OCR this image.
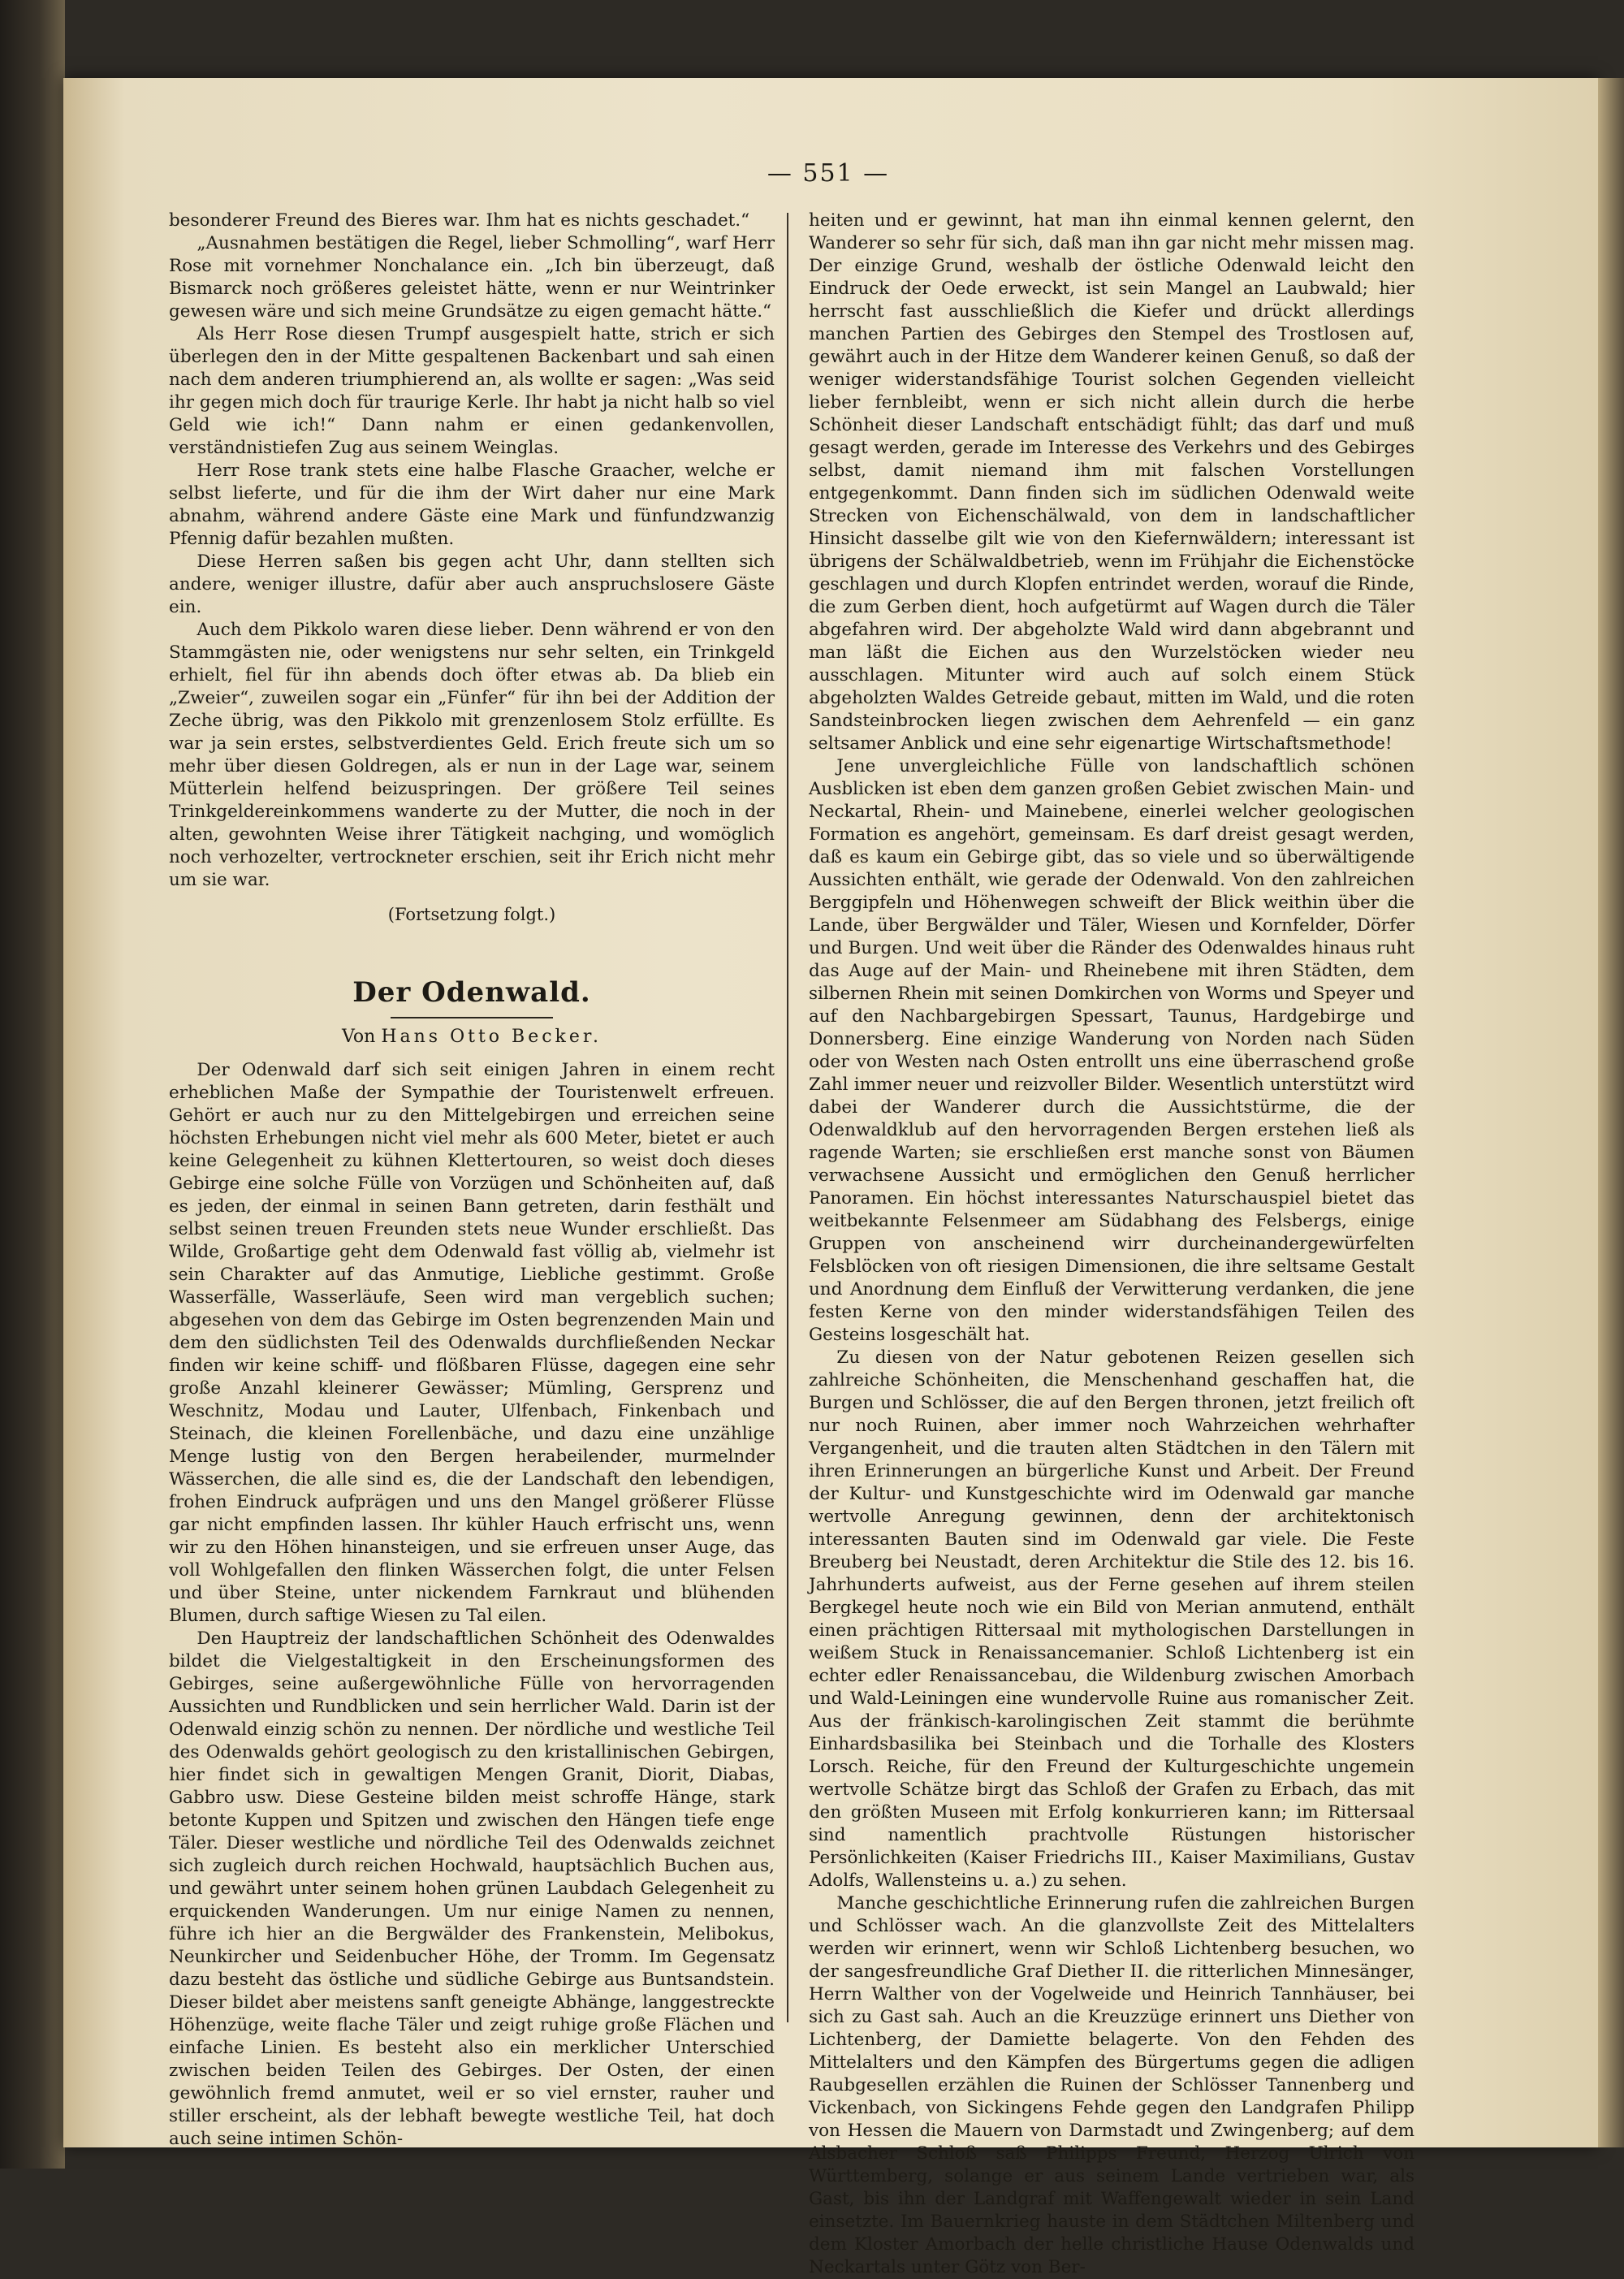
— 551 —

besonderer Freund des Bieres war. Ihm hat es nichts geschadet.“

„Ausnahmen bestätigen die Regel, lieber Schmolling“, warf Herr Rose mit vornehmer Nonchalance ein. „Ich bin überzeugt, daß Bismarck noch größeres geleistet hätte, wenn er nur Weintrinker gewesen wäre und sich meine Grundsätze zu eigen gemacht hätte.“

Als Herr Rose diesen Trumpf ausgespielt hatte, strich er sich überlegen den in der Mitte gespaltenen Backenbart und sah einen nach dem anderen triumphierend an, als wollte er sagen: „Was seid ihr gegen mich doch für traurige Kerle. Ihr habt ja nicht halb so viel Geld wie ich!“ Dann nahm er einen gedankenvollen, verständnistiefen Zug aus seinem Weinglas.

Herr Rose trank stets eine halbe Flasche Graacher, welche er selbst lieferte, und für die ihm der Wirt daher nur eine Mark abnahm, während andere Gäste eine Mark und fünfundzwanzig Pfennig dafür bezahlen mußten.

Diese Herren saßen bis gegen acht Uhr, dann stellten sich andere, weniger illustre, dafür aber auch anspruchslosere Gäste ein.

Auch dem Pikkolo waren diese lieber. Denn während er von den Stammgästen nie, oder wenigstens nur sehr selten, ein Trinkgeld erhielt, fiel für ihn abends doch öfter etwas ab. Da blieb ein „Zweier“, zuweilen sogar ein „Fünfer“ für ihn bei der Addition der Zeche übrig, was den Pikkolo mit grenzenlosem Stolz erfüllte. Es war ja sein erstes, selbstverdientes Geld. Erich freute sich um so mehr über diesen Goldregen, als er nun in der Lage war, seinem Mütterlein helfend beizuspringen. Der größere Teil seines Trinkgeldereinkommens wanderte zu der Mutter, die noch in der alten, gewohnten Weise ihrer Tätigkeit nachging, und womöglich noch verhozelter, vertrockneter erschien, seit ihr Erich nicht mehr um sie war.

(Fortsetzung folgt.)

Der Odenwald.
Von Hans Otto Becker.

Der Odenwald darf sich seit einigen Jahren in einem recht erheblichen Maße der Sympathie der Touristenwelt erfreuen. Gehört er auch nur zu den Mittelgebirgen und erreichen seine höchsten Erhebungen nicht viel mehr als 600 Meter, bietet er auch keine Gelegenheit zu kühnen Klettertouren, so weist doch dieses Gebirge eine solche Fülle von Vorzügen und Schönheiten auf, daß es jeden, der einmal in seinen Bann getreten, darin festhält und selbst seinen treuen Freunden stets neue Wunder erschließt. Das Wilde, Großartige geht dem Odenwald fast völlig ab, vielmehr ist sein Charakter auf das Anmutige, Liebliche gestimmt. Große Wasserfälle, Wasserläufe, Seen wird man vergeblich suchen; abgesehen von dem das Gebirge im Osten begrenzenden Main und dem den südlichsten Teil des Odenwalds durchfließenden Neckar finden wir keine schiff- und flößbaren Flüsse, dagegen eine sehr große Anzahl kleinerer Gewässer; Mümling, Gersprenz und Weschnitz, Modau und Lauter, Ulfenbach, Finkenbach und Steinach, die kleinen Forellenbäche, und dazu eine unzählige Menge lustig von den Bergen herabeilender, murmelnder Wässerchen, die alle sind es, die der Landschaft den lebendigen, frohen Eindruck aufprägen und uns den Mangel größerer Flüsse gar nicht empfinden lassen. Ihr kühler Hauch erfrischt uns, wenn wir zu den Höhen hinansteigen, und sie erfreuen unser Auge, das voll Wohlgefallen den flinken Wässerchen folgt, die unter Felsen und über Steine, unter nickendem Farnkraut und blühenden Blumen, durch saftige Wiesen zu Tal eilen.

Den Hauptreiz der landschaftlichen Schönheit des Odenwaldes bildet die Vielgestaltigkeit in den Erscheinungsformen des Gebirges, seine außergewöhnliche Fülle von hervorragenden Aussichten und Rundblicken und sein herrlicher Wald. Darin ist der Odenwald einzig schön zu nennen. Der nördliche und westliche Teil des Odenwalds gehört geologisch zu den kristallinischen Gebirgen, hier findet sich in gewaltigen Mengen Granit, Diorit, Diabas, Gabbro usw. Diese Gesteine bilden meist schroffe Hänge, stark betonte Kuppen und Spitzen und zwischen den Hängen tiefe enge Täler. Dieser westliche und nördliche Teil des Odenwalds zeichnet sich zugleich durch reichen Hochwald, hauptsächlich Buchen aus, und gewährt unter seinem hohen grünen Laubdach Gelegenheit zu erquickenden Wanderungen. Um nur einige Namen zu nennen, führe ich hier an die Bergwälder des Frankenstein, Melibokus, Neunkircher und Seidenbucher Höhe, der Tromm. Im Gegensatz dazu besteht das östliche und südliche Gebirge aus Buntsandstein. Dieser bildet aber meistens sanft geneigte Abhänge, langgestreckte Höhenzüge, weite flache Täler und zeigt ruhige große Flächen und einfache Linien. Es besteht also ein merklicher Unterschied zwischen beiden Teilen des Gebirges. Der Osten, der einen gewöhnlich fremd anmutet, weil er so viel ernster, rauher und stiller erscheint, als der lebhaft bewegte westliche Teil, hat doch auch seine intimen Schön-

heiten und er gewinnt, hat man ihn einmal kennen gelernt, den Wanderer so sehr für sich, daß man ihn gar nicht mehr missen mag. Der einzige Grund, weshalb der östliche Odenwald leicht den Eindruck der Oede erweckt, ist sein Mangel an Laubwald; hier herrscht fast ausschließlich die Kiefer und drückt allerdings manchen Partien des Gebirges den Stempel des Trostlosen auf, gewährt auch in der Hitze dem Wanderer keinen Genuß, so daß der weniger widerstandsfähige Tourist solchen Gegenden vielleicht lieber fernbleibt, wenn er sich nicht allein durch die herbe Schönheit dieser Landschaft entschädigt fühlt; das darf und muß gesagt werden, gerade im Interesse des Verkehrs und des Gebirges selbst, damit niemand ihm mit falschen Vorstellungen entgegenkommt. Dann finden sich im südlichen Odenwald weite Strecken von Eichenschälwald, von dem in landschaftlicher Hinsicht dasselbe gilt wie von den Kiefernwäldern; interessant ist übrigens der Schälwaldbetrieb, wenn im Frühjahr die Eichenstöcke geschlagen und durch Klopfen entrindet werden, worauf die Rinde, die zum Gerben dient, hoch aufgetürmt auf Wagen durch die Täler abgefahren wird. Der abgeholzte Wald wird dann abgebrannt und man läßt die Eichen aus den Wurzelstöcken wieder neu ausschlagen. Mitunter wird auch auf solch einem Stück abgeholzten Waldes Getreide gebaut, mitten im Wald, und die roten Sandsteinbrocken liegen zwischen dem Aehrenfeld — ein ganz seltsamer Anblick und eine sehr eigenartige Wirtschaftsmethode!

Jene unvergleichliche Fülle von landschaftlich schönen Ausblicken ist eben dem ganzen großen Gebiet zwischen Main- und Neckartal, Rhein- und Mainebene, einerlei welcher geologischen Formation es angehört, gemeinsam. Es darf dreist gesagt werden, daß es kaum ein Gebirge gibt, das so viele und so überwältigende Aussichten enthält, wie gerade der Odenwald. Von den zahlreichen Berggipfeln und Höhenwegen schweift der Blick weithin über die Lande, über Bergwälder und Täler, Wiesen und Kornfelder, Dörfer und Burgen. Und weit über die Ränder des Odenwaldes hinaus ruht das Auge auf der Main- und Rheinebene mit ihren Städten, dem silbernen Rhein mit seinen Domkirchen von Worms und Speyer und auf den Nachbargebirgen Spessart, Taunus, Hardgebirge und Donnersberg. Eine einzige Wanderung von Norden nach Süden oder von Westen nach Osten entrollt uns eine überraschend große Zahl immer neuer und reizvoller Bilder. Wesentlich unterstützt wird dabei der Wanderer durch die Aussichtstürme, die der Odenwaldklub auf den hervorragenden Bergen erstehen ließ als ragende Warten; sie erschließen erst manche sonst von Bäumen verwachsene Aussicht und ermöglichen den Genuß herrlicher Panoramen. Ein höchst interessantes Naturschauspiel bietet das weitbekannte Felsenmeer am Südabhang des Felsbergs, einige Gruppen von anscheinend wirr durcheinandergewürfelten Felsblöcken von oft riesigen Dimensionen, die ihre seltsame Gestalt und Anordnung dem Einfluß der Verwitterung verdanken, die jene festen Kerne von den minder widerstandsfähigen Teilen des Gesteins losgeschält hat.

Zu diesen von der Natur gebotenen Reizen gesellen sich zahlreiche Schönheiten, die Menschenhand geschaffen hat, die Burgen und Schlösser, die auf den Bergen thronen, jetzt freilich oft nur noch Ruinen, aber immer noch Wahrzeichen wehrhafter Vergangenheit, und die trauten alten Städtchen in den Tälern mit ihren Erinnerungen an bürgerliche Kunst und Arbeit. Der Freund der Kultur- und Kunstgeschichte wird im Odenwald gar manche wertvolle Anregung gewinnen, denn der architektonisch interessanten Bauten sind im Odenwald gar viele. Die Feste Breuberg bei Neustadt, deren Architektur die Stile des 12. bis 16. Jahrhunderts aufweist, aus der Ferne gesehen auf ihrem steilen Bergkegel heute noch wie ein Bild von Merian anmutend, enthält einen prächtigen Rittersaal mit mythologischen Darstellungen in weißem Stuck in Renaissancemanier. Schloß Lichtenberg ist ein echter edler Renaissancebau, die Wildenburg zwischen Amorbach und Wald-Leiningen eine wundervolle Ruine aus romanischer Zeit. Aus der fränkisch-karolingischen Zeit stammt die berühmte Einhardsbasilika bei Steinbach und die Torhalle des Klosters Lorsch. Reiche, für den Freund der Kulturgeschichte ungemein wertvolle Schätze birgt das Schloß der Grafen zu Erbach, das mit den größten Museen mit Erfolg konkurrieren kann; im Rittersaal sind namentlich prachtvolle Rüstungen historischer Persönlichkeiten (Kaiser Friedrichs III., Kaiser Maximilians, Gustav Adolfs, Wallensteins u. a.) zu sehen.

Manche geschichtliche Erinnerung rufen die zahlreichen Burgen und Schlösser wach. An die glanzvollste Zeit des Mittelalters werden wir erinnert, wenn wir Schloß Lichtenberg besuchen, wo der sangesfreundliche Graf Diether II. die ritterlichen Minnesänger, Herrn Walther von der Vogelweide und Heinrich Tannhäuser, bei sich zu Gast sah. Auch an die Kreuzzüge erinnert uns Diether von Lichtenberg, der Damiette belagerte. Von den Fehden des Mittelalters und den Kämpfen des Bürgertums gegen die adligen Raubgesellen erzählen die Ruinen der Schlösser Tannenberg und Vickenbach, von Sickingens Fehde gegen den Landgrafen Philipp von Hessen die Mauern von Darmstadt und Zwingenberg; auf dem Alsbacher Schloß saß Philipps Freund, Herzog Ulrich von Württemberg, solange er aus seinem Lande vertrieben war, als Gast, bis ihn der Landgraf mit Waffengewalt wieder in sein Land einsetzte. Im Bauernkrieg hauste in dem Städtchen Miltenberg und dem Kloster Amorbach der helle christliche Hause Odenwalds und Neckartals unter Götz von Ber-
